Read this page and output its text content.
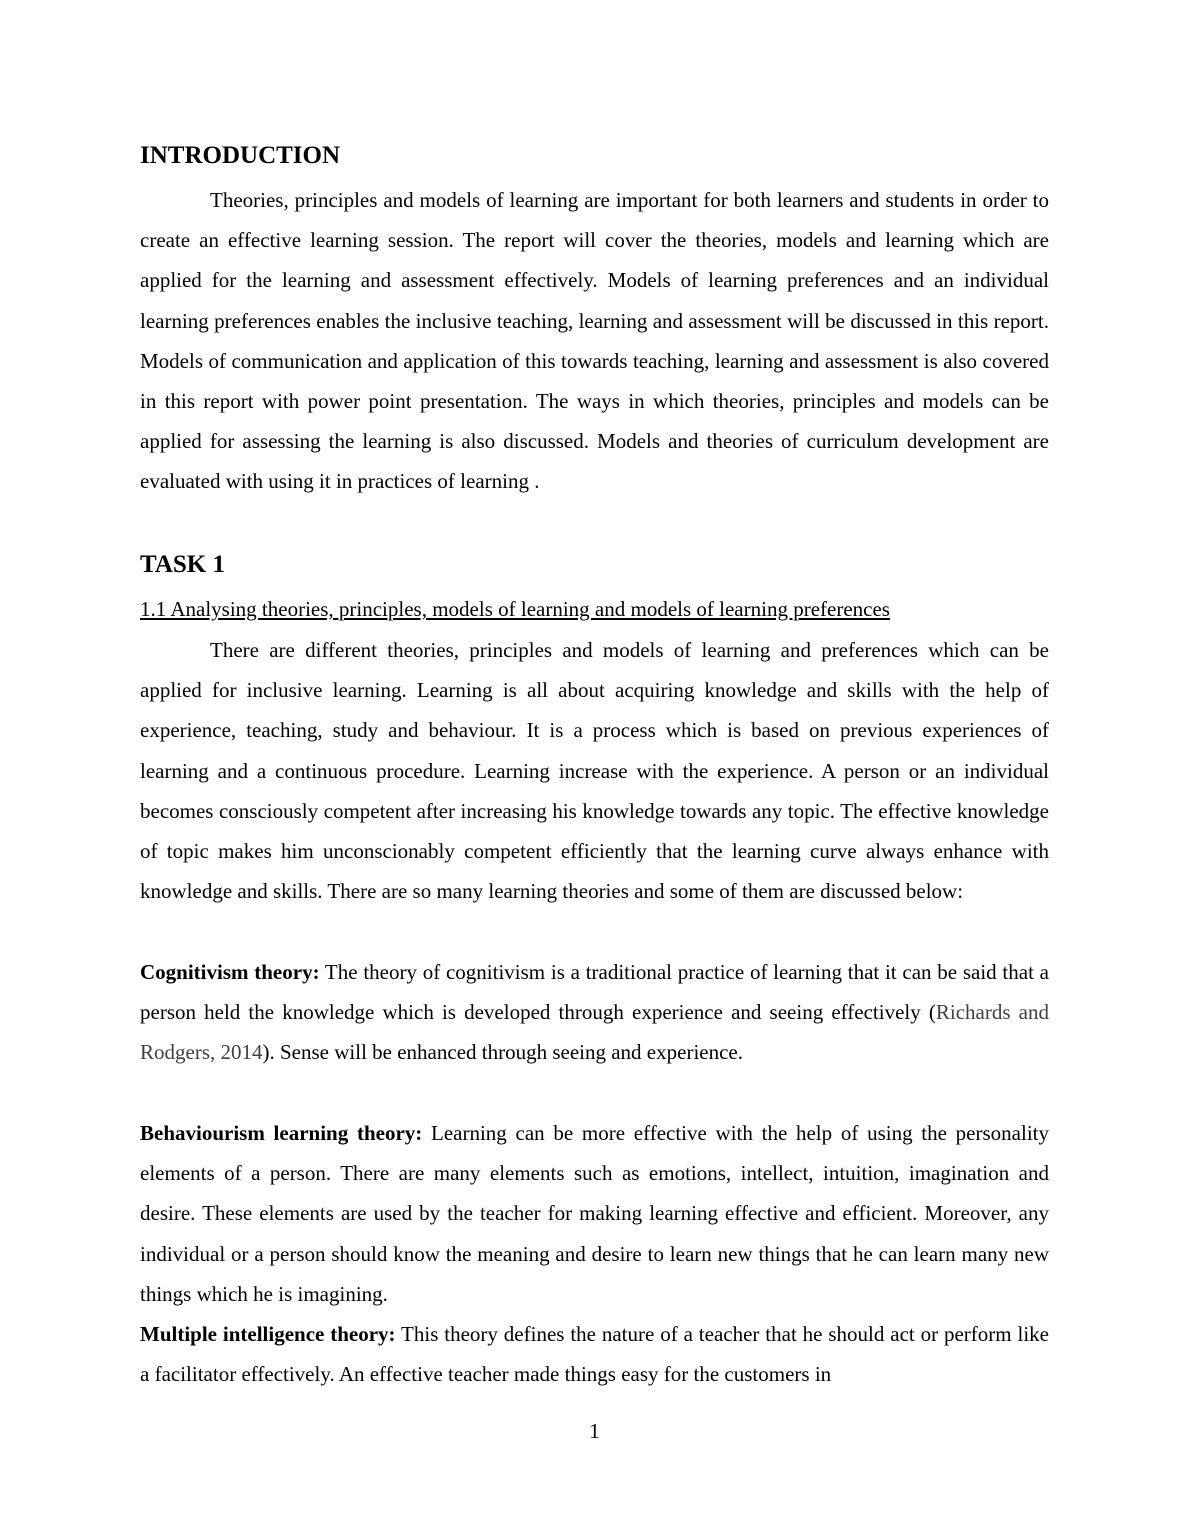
INTRODUCTION

Theories, principles and models of learning are important for both learners and students in order to create an effective learning session. The report will cover the theories, models and learning which are applied for the learning and assessment effectively. Models of learning preferences and an individual learning preferences enables the inclusive teaching, learning and assessment will be discussed in this report. Models of communication and application of this towards teaching, learning and assessment is also covered in this report with power point presentation. The ways in which theories, principles and models can be applied for assessing the learning is also discussed. Models and theories of curriculum development are evaluated with using it in practices of learning .

TASK 1

1.1 Analysing theories, principles, models of learning and models of learning preferences

There are different theories, principles and models of learning and preferences which can be applied for inclusive learning. Learning is all about acquiring knowledge and skills with the help of experience, teaching, study and behaviour. It is a process which is based on previous experiences of learning and a continuous procedure. Learning increase with the experience. A person or an individual becomes consciously competent after increasing his knowledge towards any topic. The effective knowledge of topic makes him unconscionably competent efficiently that the learning curve always enhance with knowledge and skills. There are so many learning theories and some of them are discussed below:

Cognitivism theory: The theory of cognitivism is a traditional practice of learning that it can be said that a person held the knowledge which is developed through experience and seeing effectively (Richards and Rodgers, 2014). Sense will be enhanced through seeing and experience.

Behaviourism learning theory: Learning can be more effective with the help of using the personality elements of a person. There are many elements such as emotions, intellect, intuition, imagination and desire. These elements are used by the teacher for making learning effective and efficient. Moreover, any individual or a person should know the meaning and desire to learn new things that he can learn many new things which he is imagining.

Multiple intelligence theory: This theory defines the nature of a teacher that he should act or perform like a facilitator effectively. An effective teacher made things easy for the customers in

1
